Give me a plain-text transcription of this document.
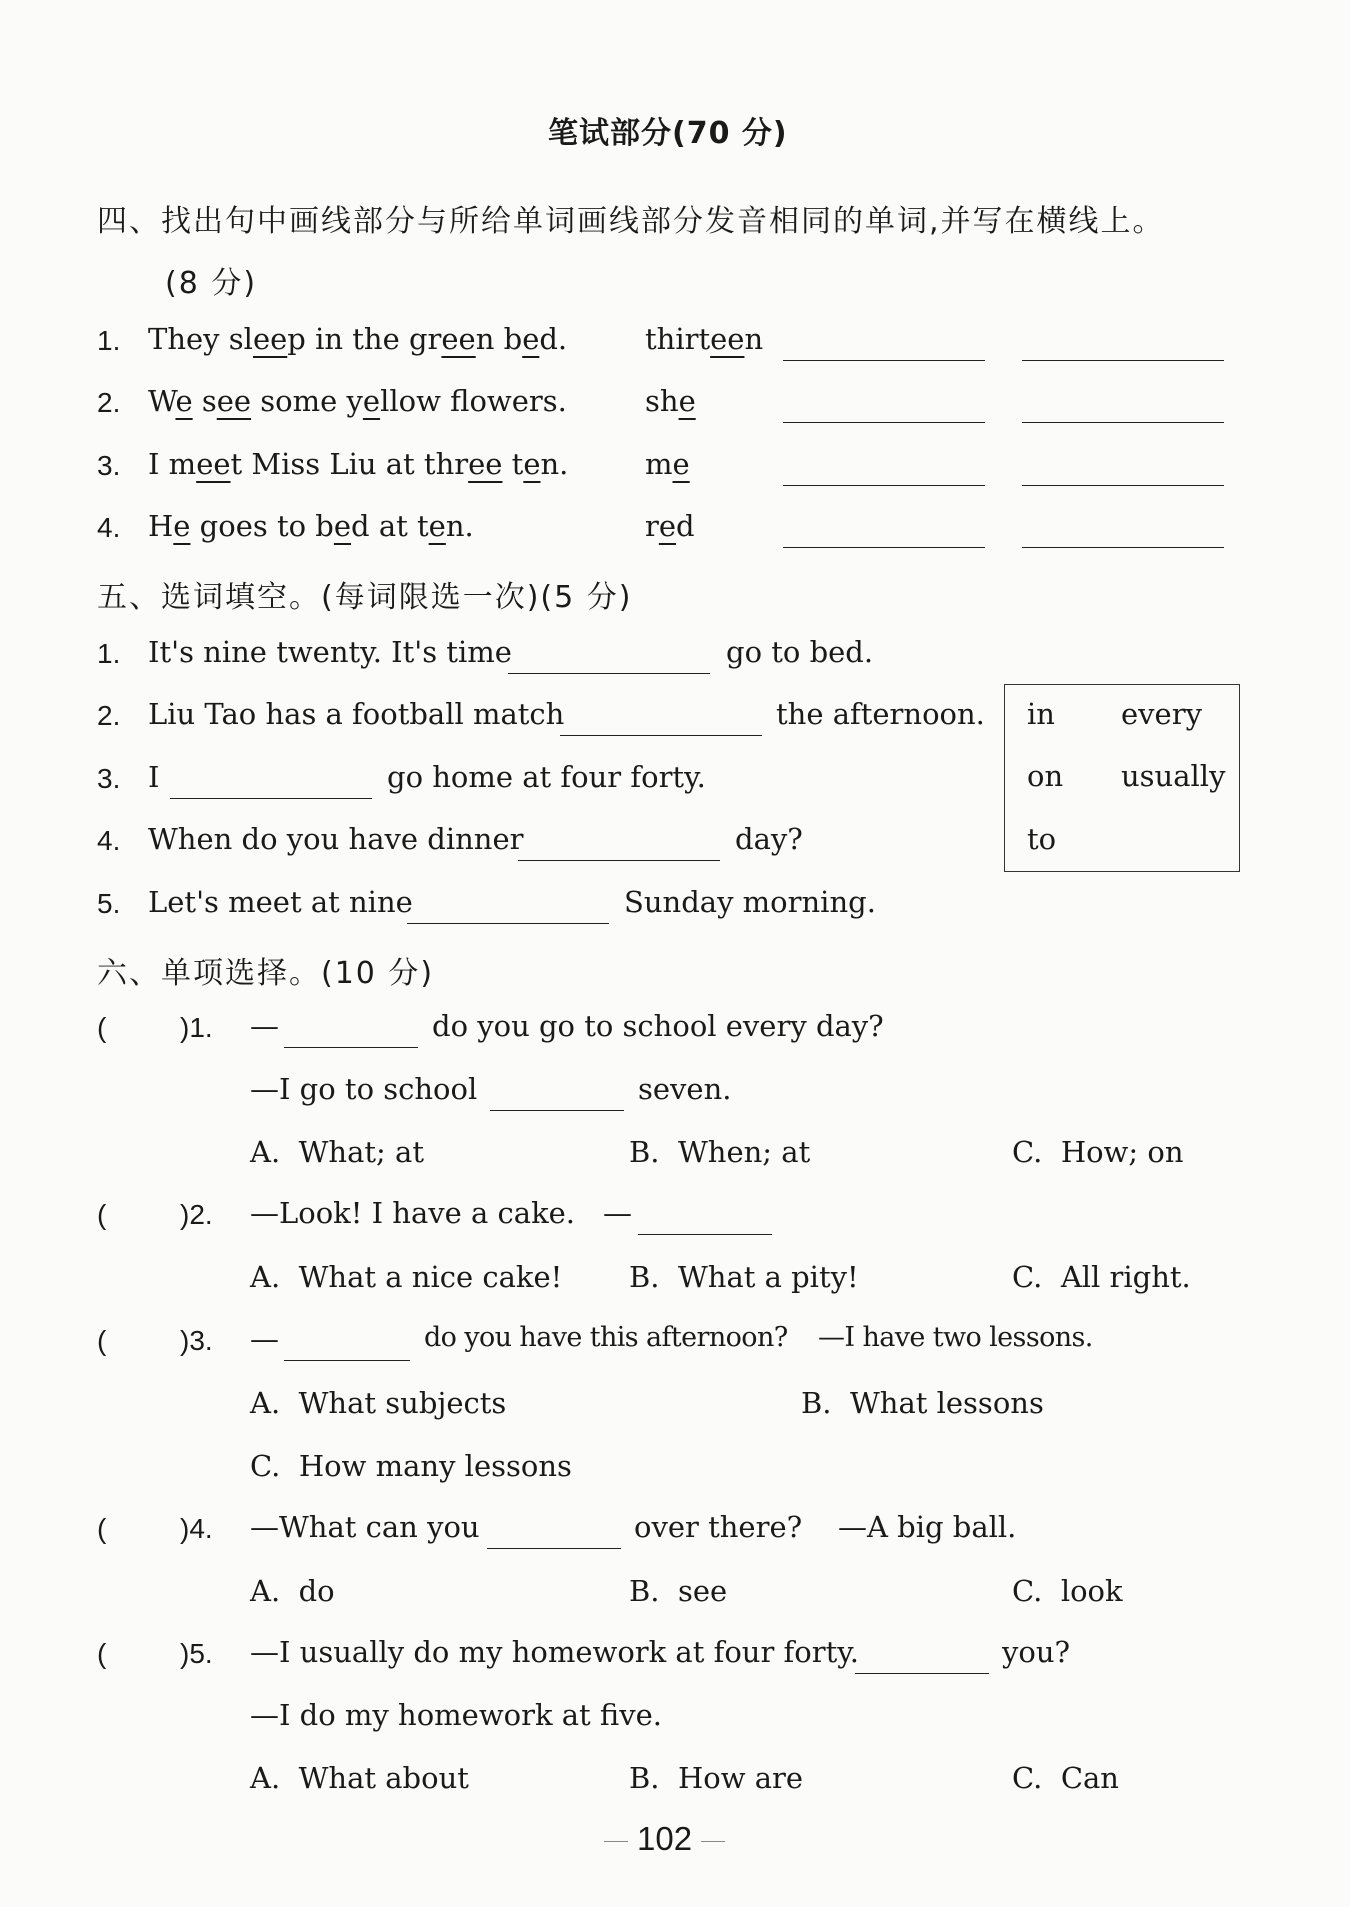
笔试部分(70 分)
四、找出句中画线部分与所给单词画线部分发音相同的单词,并写在横线上。
(8 分)
1. They sleep in the green bed.	thirteen
2. We see some yellow flowers.	she
3. I meet Miss Liu at three ten.	me
4. He goes to bed at ten.	red
五、选词填空。(每词限选一次)(5 分)
1. It's nine twenty. It's time	go to bed.
2. Liu Tao has a football match	the afternoon.
3. I	go home at four forty.
4. When do you have dinner	day?
5. Let's meet at nine	Sunday morning.
in every
on usually
to
六、单项选择。(10 分)
(	)1. —	do you go to school every day?
—I go to school	seven.
A. What; at	B. When; at	C. How; on
(	)2. —Look! I have a cake. —
A. What a nice cake! B. What a pity!	C. All right.
(	)3. —	do you have this afternoon? —I have two lessons.
A. What subjects	B. What lessons
C. How many lessons
(	)4. —What can you	over there? —A big ball.
A. do	B. see	C. look
(	)5. —I usually do my homework at four forty.	you?
—I do my homework at five.
A. What about	B. How are	C. Can
102
